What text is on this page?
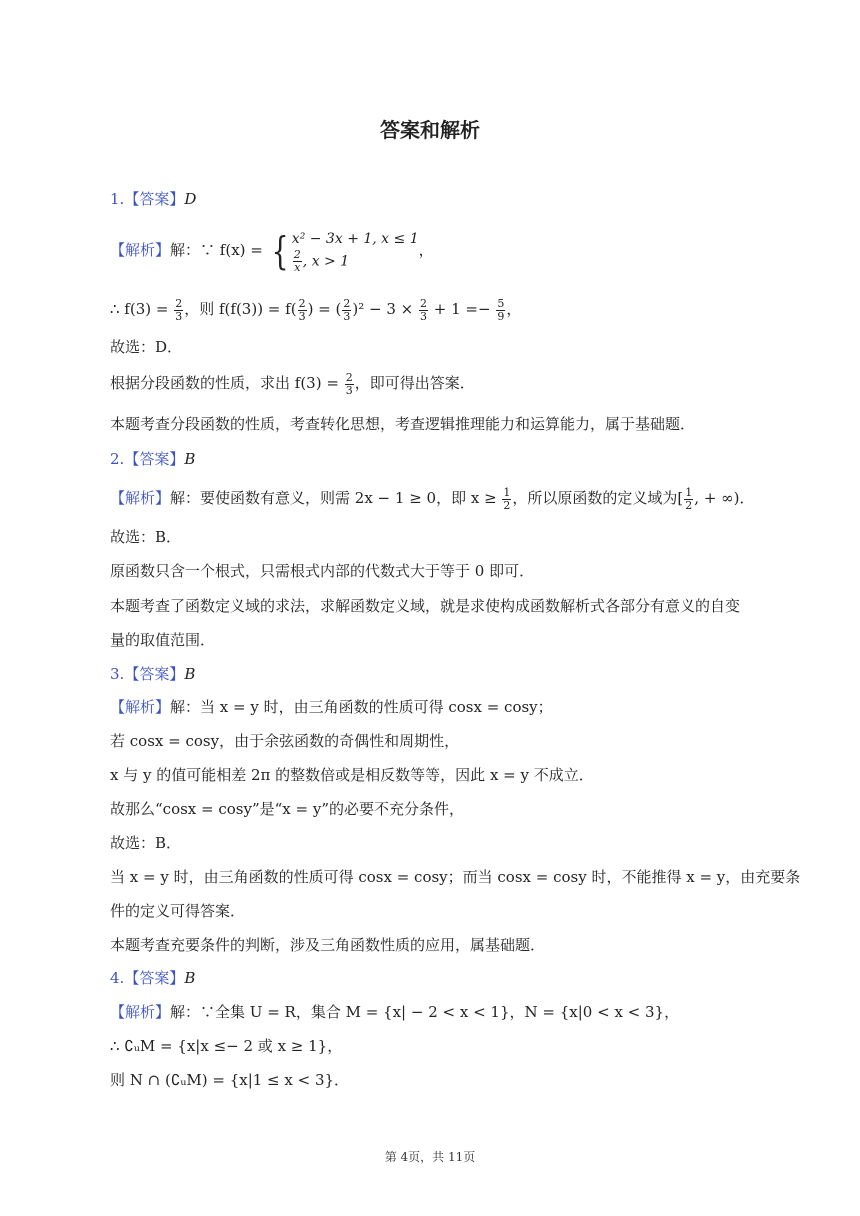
答案和解析
1.【答案】D
【解析】解：∵ f(x) = { x² − 3x + 1, x ≤ 1
$\frac{2}{x}$ , x > 1
，
∴ $f(3) = \frac{2}{3}$ ，则 $f(f(3)) = f( \frac{2}{3}$ ) = ( $\frac{2}{3} )^2 - 3 \times \frac{2}{3} + 1 =- \frac{5}{9}$ ，
故选：D．
根据分段函数的性质，求出 $f(3) = \frac{2}{3}$ ，即可得出答案．
本题考查分段函数的性质，考查转化思想，考查逻辑推理能力和运算能力，属于基础题．
2.【答案】B
【解析】解：要使函数有意义，则需 2x − 1 ≥ 0，即 $x \ge \frac{1}{2}$ ，所以原函数的定义域为[ $\frac{1}{2}$ , + ∞)．
故选：B．
原函数只含一个根式，只需根式内部的代数式大于等于 0 即可．
本题考查了函数定义域的求法，求解函数定义域，就是求使构成函数解析式各部分有意义的自变
量的取值范围．
3.【答案】B
【解析】解：当 x = y 时，由三角函数的性质可得 cosx = cosy；
若 cosx = cosy，由于余弦函数的奇偶性和周期性，
x 与 y 的值可能相差 2π 的整数倍或是相反数等等，因此 x = y 不成立．
故那么“cosx = cosy”是“x = y”的必要不充分条件，
故选：B．
当 x = y 时，由三角函数的性质可得 cosx = cosy；而当 cosx = cosy 时，不能推得 x = y，由充要条
件的定义可得答案．
本题考查充要条件的判断，涉及三角函数性质的应用，属基础题．
4.【答案】B
【解析】解：∵全集 U = R，集合 M = {x| − 2 < x < 1}，N = {x|0 < x < 3}，
∴ ∁ᵤM = {x|x ≤− 2 或 x ≥ 1}，
则 N ∩ (∁ᵤM) = {x|1 ≤ x < 3}．
第 4页，共 11页
